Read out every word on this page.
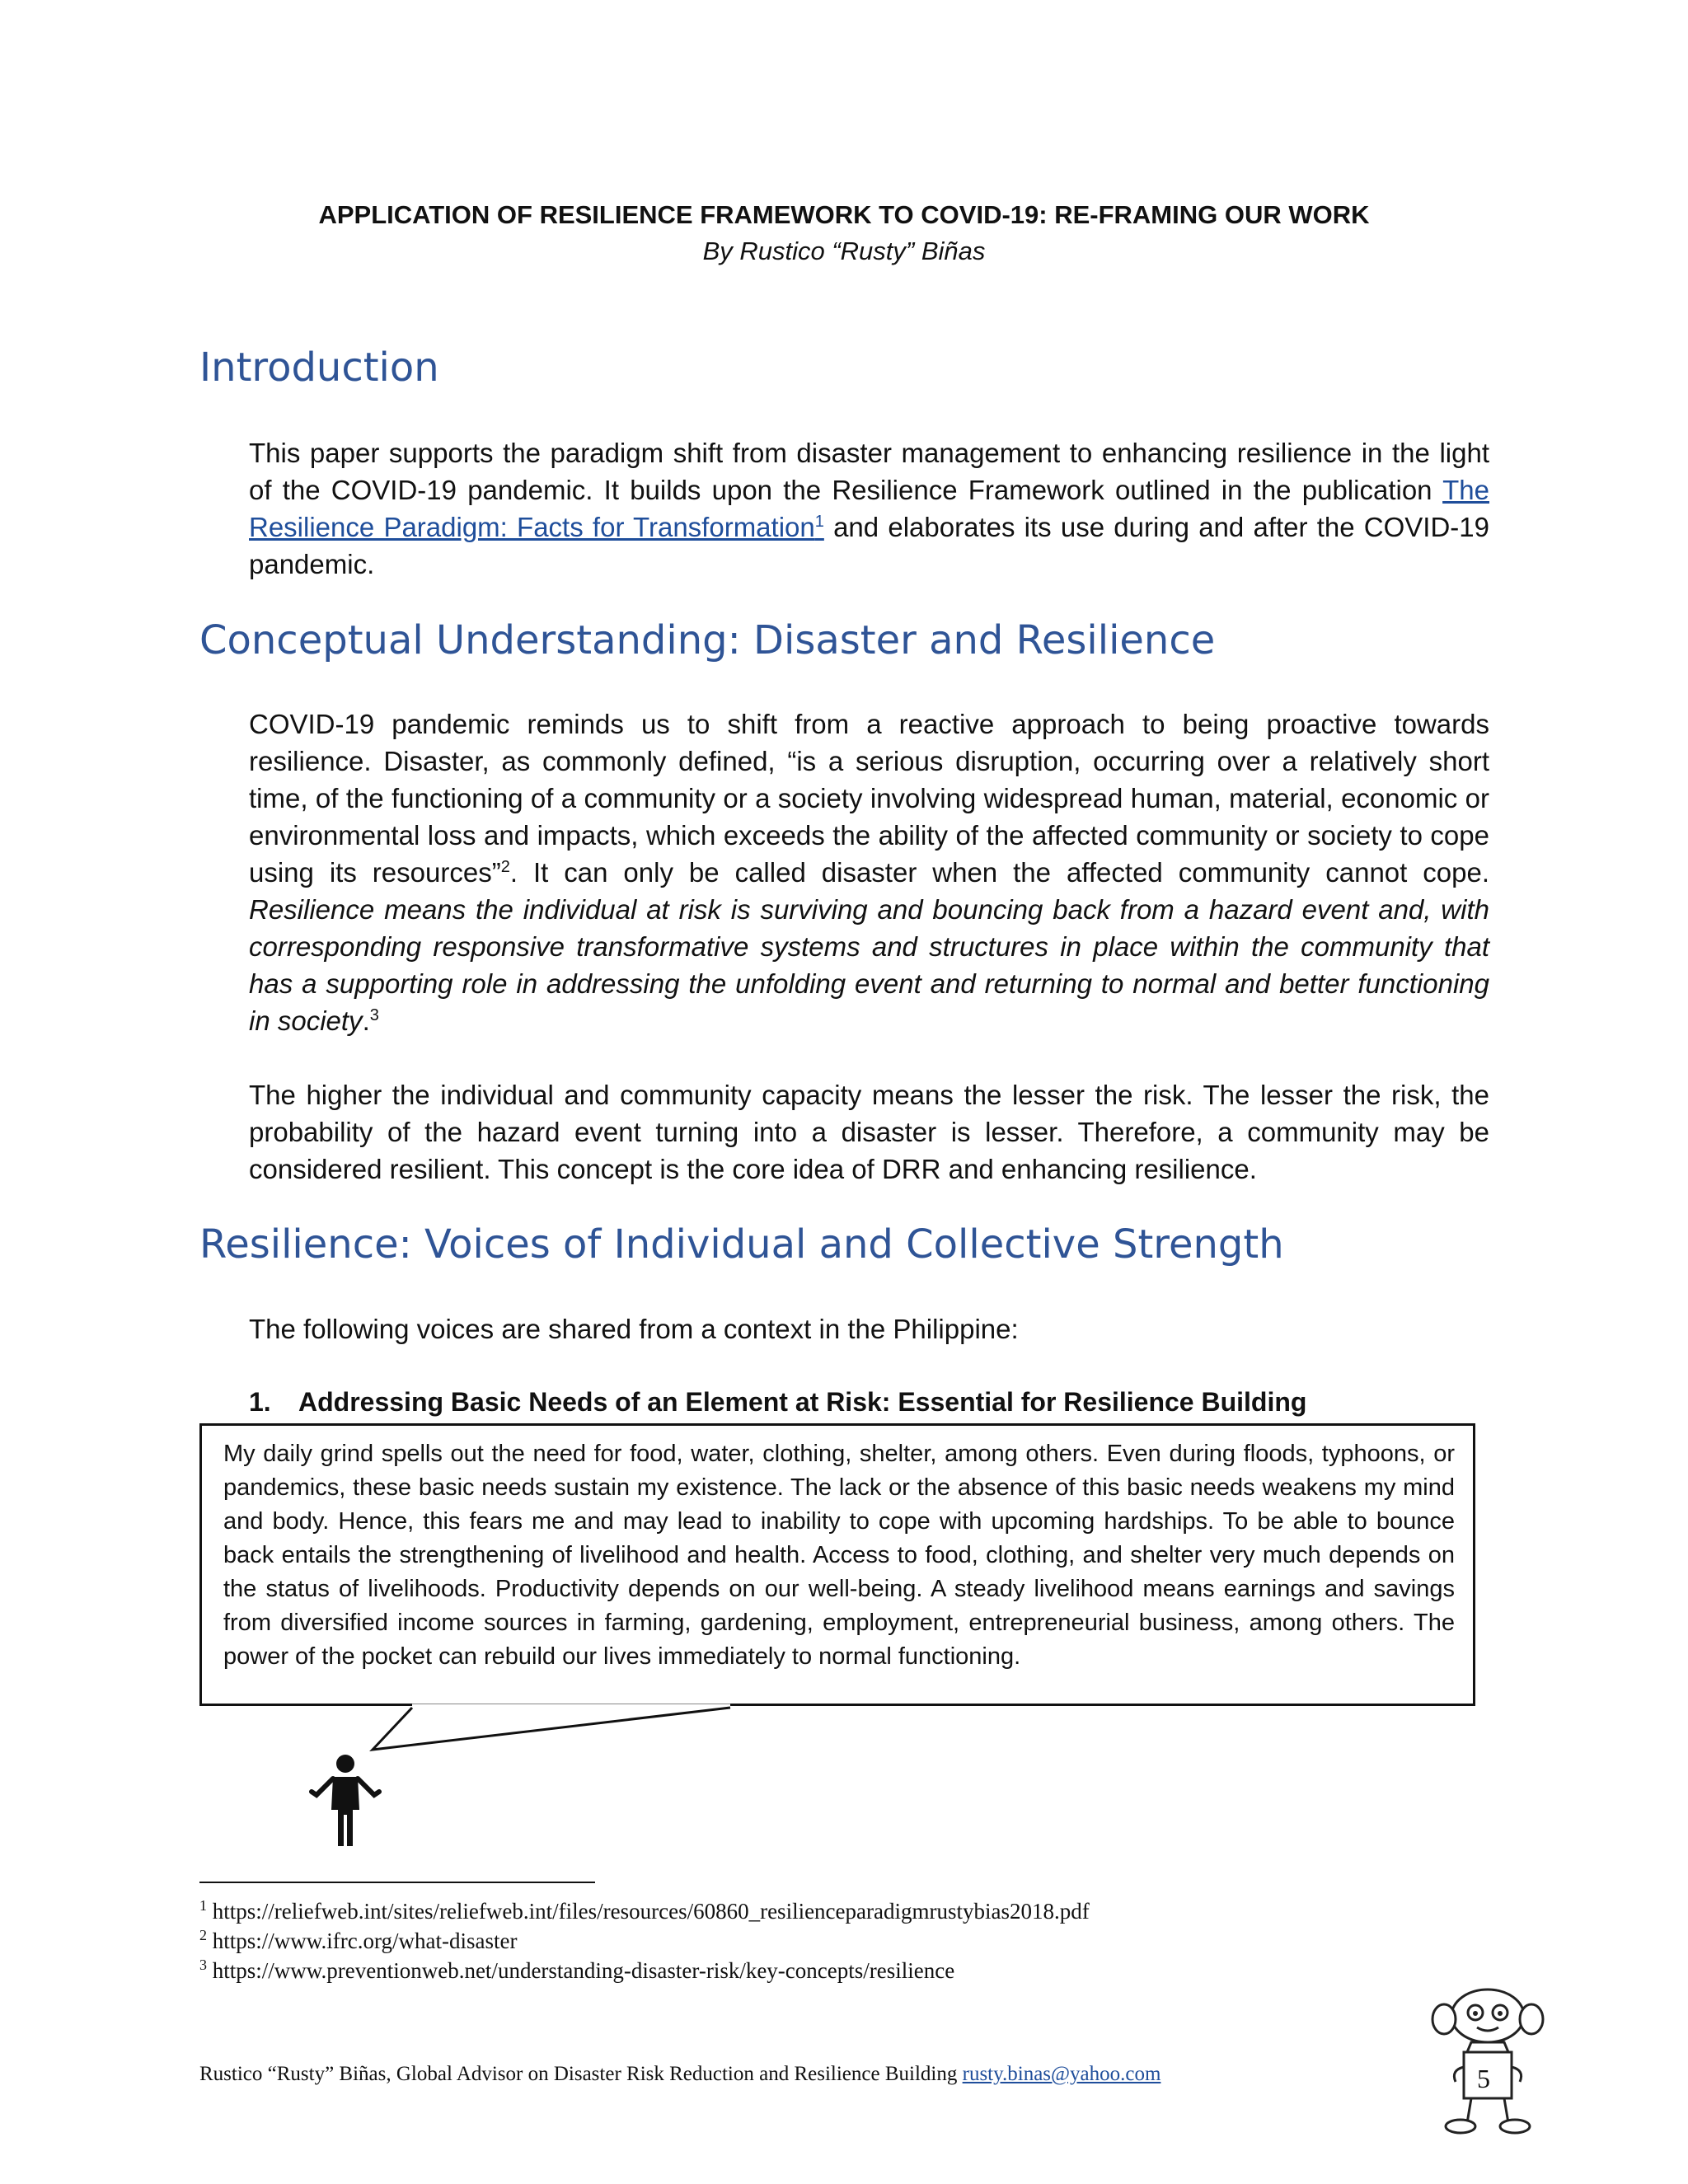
APPLICATION OF RESILIENCE FRAMEWORK TO COVID-19: RE-FRAMING OUR WORK
By Rustico “Rusty” Biñas
Introduction
This paper supports the paradigm shift from disaster management to enhancing resilience in the light of the COVID-19 pandemic. It builds upon the Resilience Framework outlined in the publication The Resilience Paradigm: Facts for Transformation$^1$ and elaborates its use during and after the COVID-19 pandemic.
Conceptual Understanding: Disaster and Resilience
COVID-19 pandemic reminds us to shift from a reactive approach to being proactive towards resilience. Disaster, as commonly defined, “is a serious disruption, occurring over a relatively short time, of the functioning of a community or a society involving widespread human, material, economic or environmental loss and impacts, which exceeds the ability of the affected community or society to cope using its resources”$^2$. It can only be called disaster when the affected community cannot cope. Resilience means the individual at risk is surviving and bouncing back from a hazard event and, with corresponding responsive transformative systems and structures in place within the community that has a supporting role in addressing the unfolding event and returning to normal and better functioning in society.$^3$
The higher the individual and community capacity means the lesser the risk. The lesser the risk, the probability of the hazard event turning into a disaster is lesser. Therefore, a community may be considered resilient. This concept is the core idea of DRR and enhancing resilience.
Resilience: Voices of Individual and Collective Strength
The following voices are shared from a context in the Philippine:
1. Addressing Basic Needs of an Element at Risk: Essential for Resilience Building
My daily grind spells out the need for food, water, clothing, shelter, among others. Even during floods, typhoons, or pandemics, these basic needs sustain my existence. The lack or the absence of this basic needs weakens my mind and body. Hence, this fears me and may lead to inability to cope with upcoming hardships. To be able to bounce back entails the strengthening of livelihood and health. Access to food, clothing, and shelter very much depends on the status of livelihoods. Productivity depends on our well-being. A steady livelihood means earnings and savings from diversified income sources in farming, gardening, employment, entrepreneurial business, among others. The power of the pocket can rebuild our lives immediately to normal functioning.
$^1$ https://reliefweb.int/sites/reliefweb.int/files/resources/60860_resilienceparadigmrustybias2018.pdf
$^2$ https://www.ifrc.org/what-disaster
$^3$ https://www.preventionweb.net/understanding-disaster-risk/key-concepts/resilience
Rustico “Rusty” Biñas, Global Advisor on Disaster Risk Reduction and Resilience Building rusty.binas@yahoo.com	5
